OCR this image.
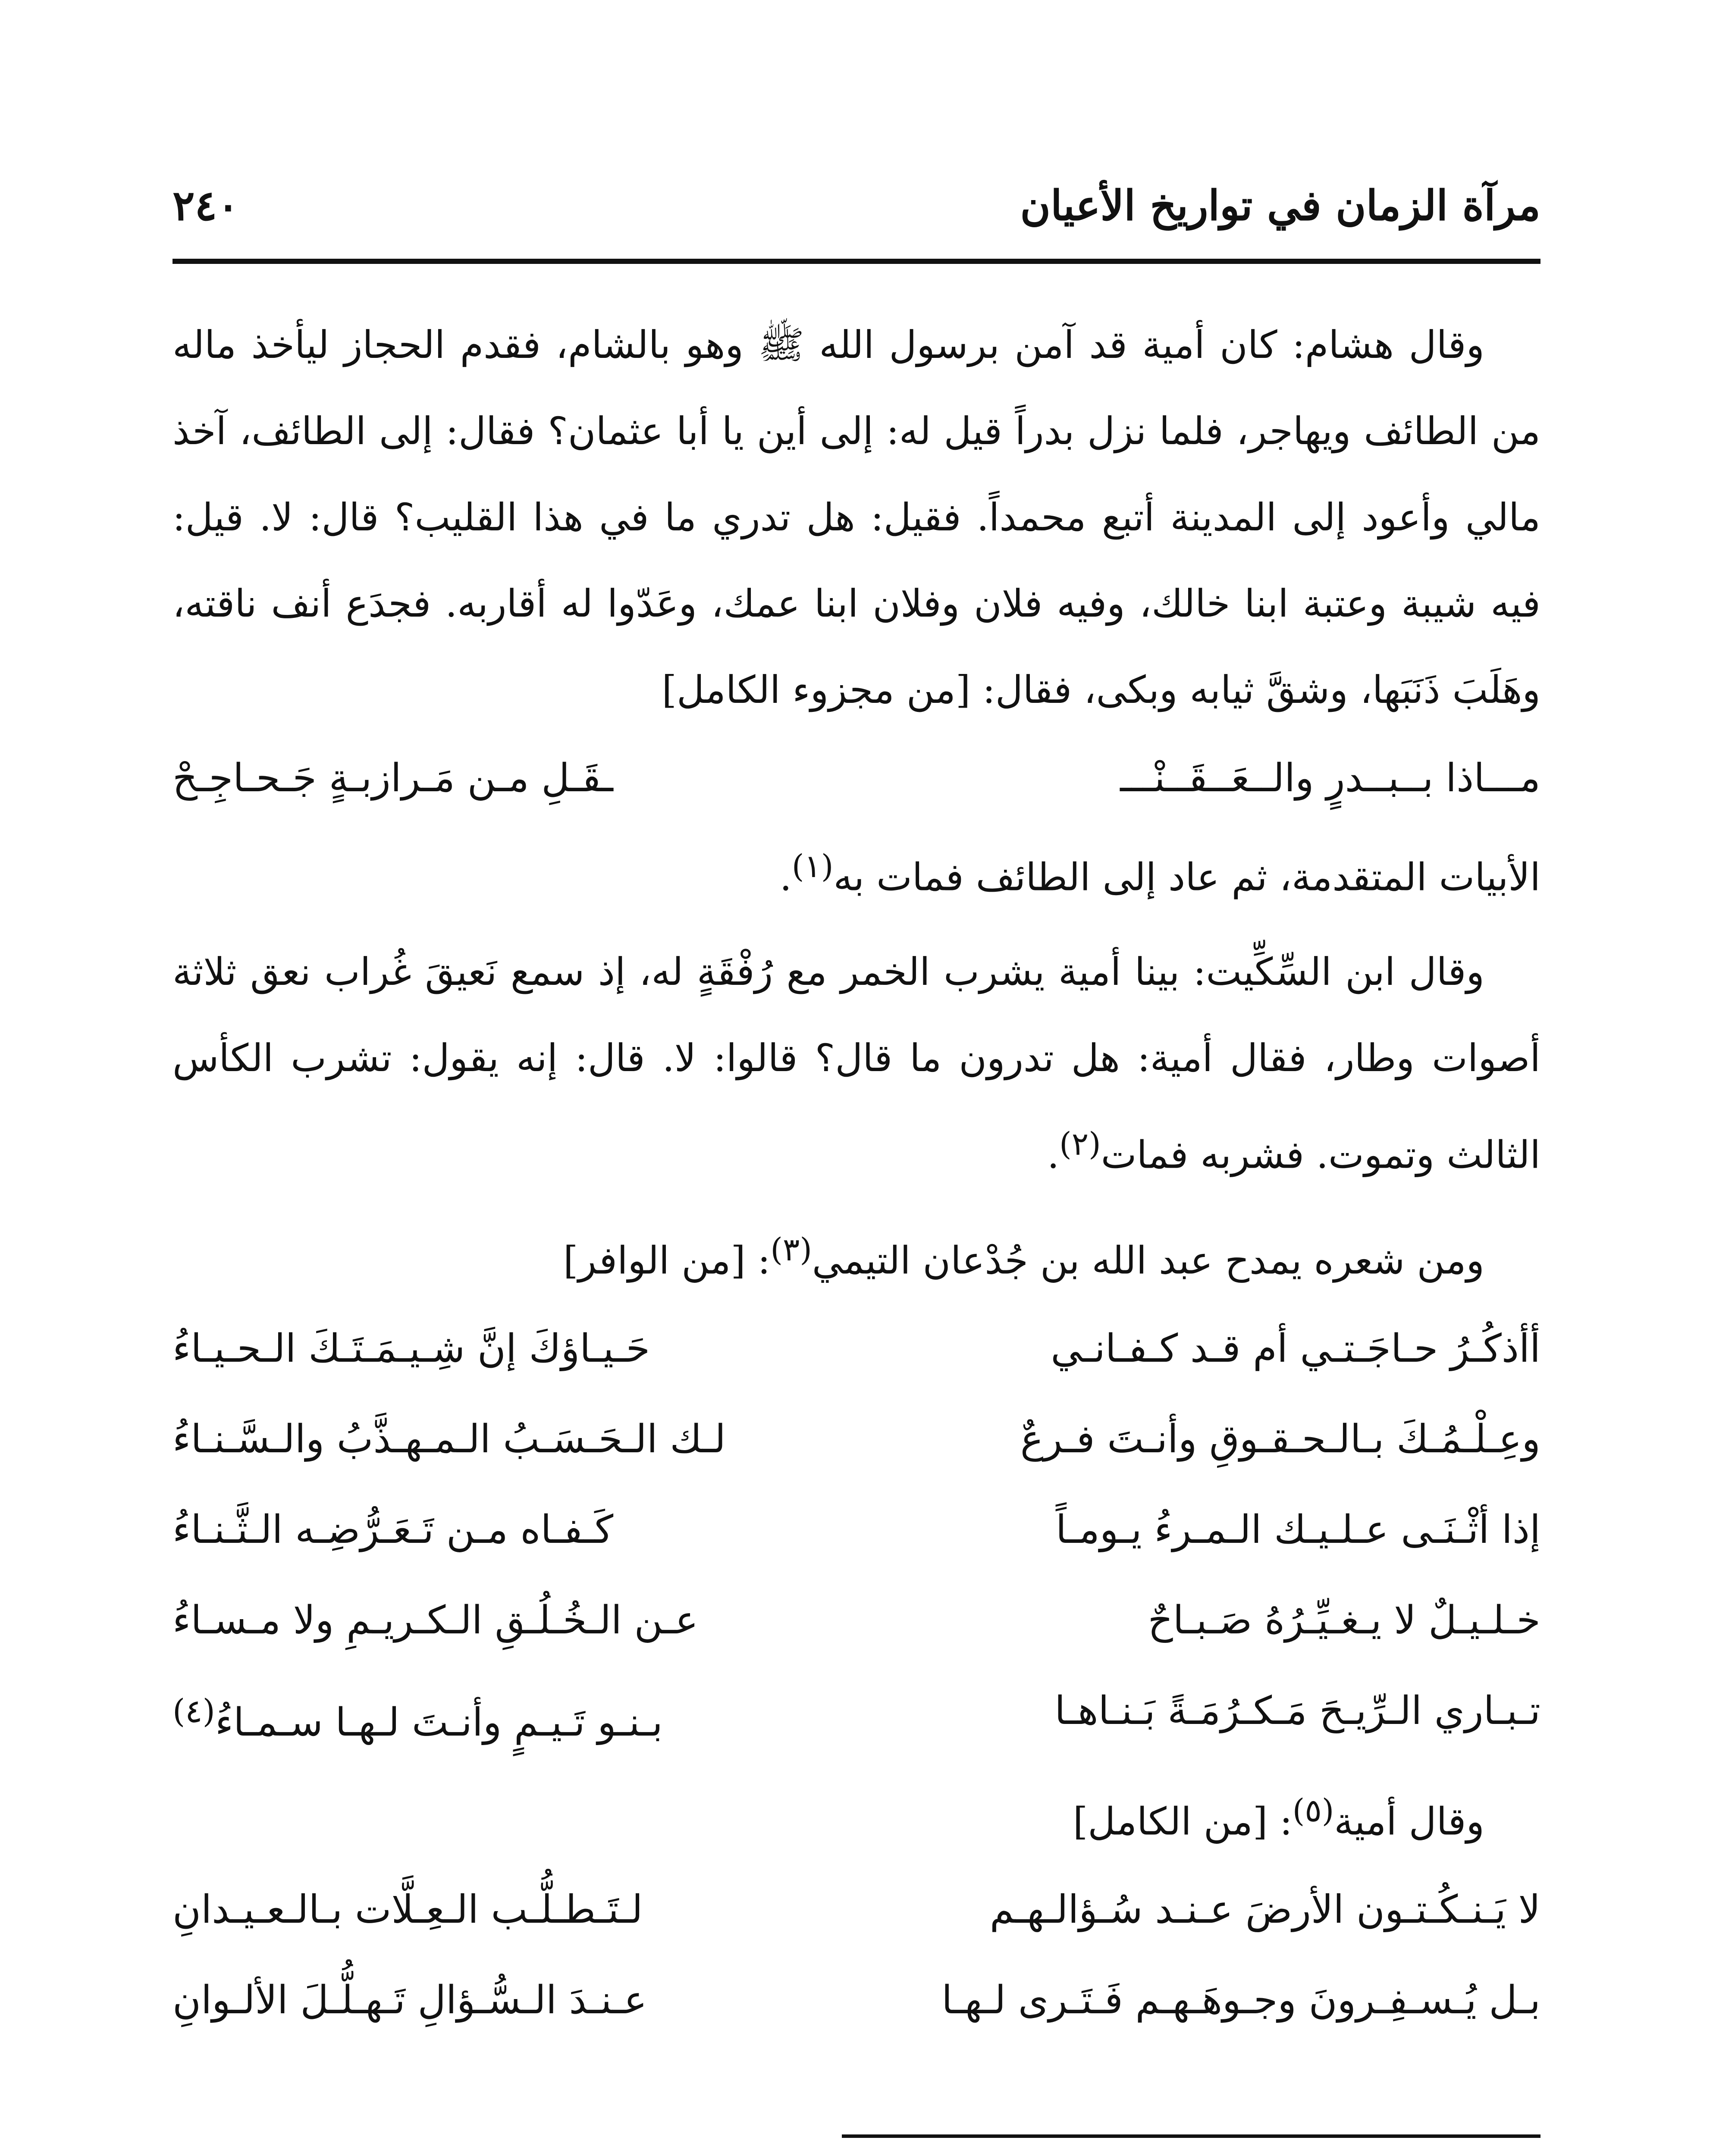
مرآة الزمان في تواريخ الأعيان
٢٤٠

وقال هشام: كان أمية قد آمن برسول الله ﷺ وهو بالشام، فقدم الحجاز ليأخذ ماله من الطائف ويهاجر، فلما نزل بدراً قيل له: إلى أين يا أبا عثمان؟ فقال: إلى الطائف، آخذ مالي وأعود إلى المدينة أتبع محمداً. فقيل: هل تدري ما في هذا القليب؟ قال: لا. قيل: فيه شيبة وعتبة ابنا خالك، وفيه فلان وفلان ابنا عمك، وعَدّوا له أقاربه. فجدَع أنف ناقته، وهَلَبَ ذَنَبَها، وشقَّ ثيابه وبكى، فقال: [من مجزوء الكامل]

مـــاذا بــبــدرٍ والــعَــقَــنْـــ
ـقَـلِ مـن مَـرازبـةٍ جَـحـاجِـحْ

الأبيات المتقدمة، ثم عاد إلى الطائف فمات به$^{(١)}$.

وقال ابن السِّكِّيت: بينا أمية يشرب الخمر مع رُفْقَةٍ له، إذ سمع نَعيقَ غُراب نعق ثلاثة أصوات وطار، فقال أمية: هل تدرون ما قال؟ قالوا: لا. قال: إنه يقول: تشرب الكأس الثالث وتموت. فشربه فمات$^{(٢)}$.

ومن شعره يمدح عبد الله بن جُدْعان التيمي$^{(٣)}$: [من الوافر]

أأذكُـرُ حـاجَـتـي أم قـد كـفـانـي
حَـيـاؤكَ إنَّ شِـيـمَـتَـكَ الـحـيـاءُ
وعِـلْـمُـكَ بـالـحـقـوقِ وأنـتَ فـرعٌ
لـك الـحَـسَـبُ الـمـهـذَّبُ والـسَّـنـاءُ
إذا أثْـنَـى عـلـيـك الـمـرءُ يـومـاً
كَـفـاه مـن تَـعَـرُّضِـه الـثَّـنـاءُ
خـلـيـلٌ لا يـغـيِّـرُهُ صَـبـاحٌ
عـن الـخُـلُـقِ الـكـريـمِ ولا مـسـاءُ
تـبـاري الـرِّيـحَ مَـكـرُمَـةً بَـنـاهـا
بـنـو تَـيـمٍ وأنـتَ لـهـا سـمـاءُ$^{(٤)}$

وقال أمية$^{(٥)}$: [من الكامل]

لا يَـنـكُـتـون الأرضَ عـنـد سُـؤالـهـم
لـتَـطـلُّـب الـعِـلَّات بـالـعـيـدانِ
بـل يُـسـفِـرونَ وجـوهَـهـم فَـتَـرى لـهـا
عـنـدَ الـسُّـؤالِ تَـهـلُّـلَ الألـوانِ
